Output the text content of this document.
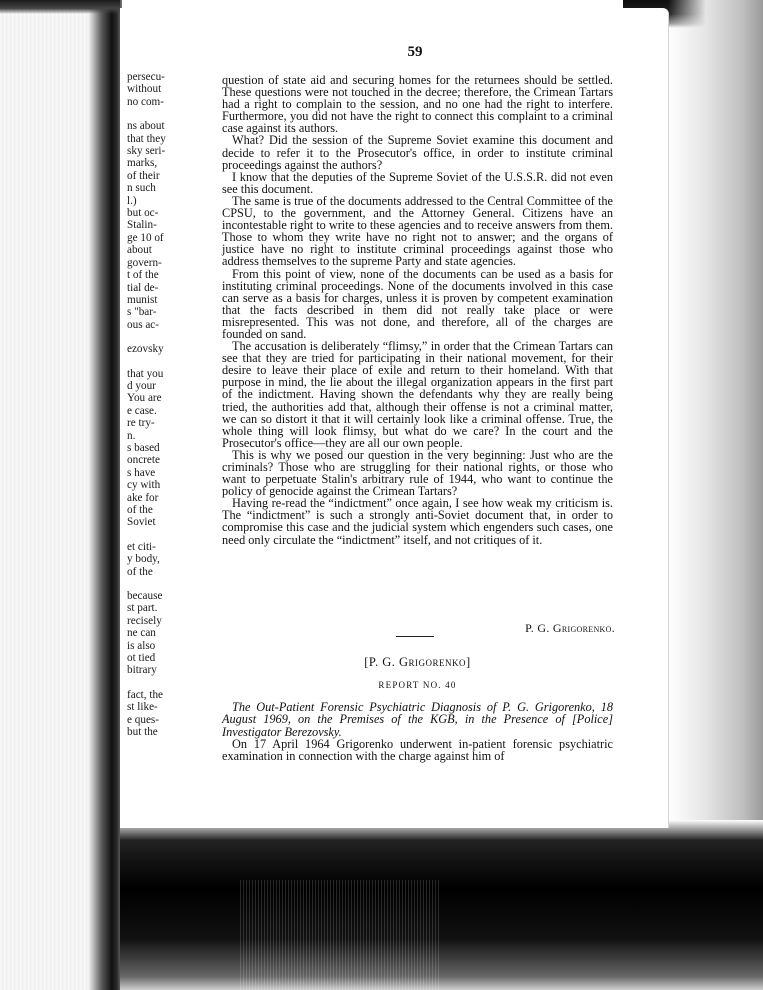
persecu-
without
no com-
ns about
that they
sky seri-
marks,
of their
n such
l.)
but oc-
Stalin-
ge 10 of
about
govern-
t of the
tial de-
munist
s "bar-
ous ac-
ezovsky
that you
d your
You are
e case.
re try-
n.
s based
oncrete
s have
cy with
ake for
of the
Soviet
et citi-
y body,
of the
because
st part.
recisely
ne can
is also
ot tied
bitrary
fact, the
st like-
e ques-
but the
59

question of state aid and securing homes for the returnees should be settled. These questions were not touched in the decree; therefore, the Crimean Tartars had a right to complain to the session, and no one had the right to interfere. Furthermore, you did not have the right to connect this complaint to a criminal case against its authors.

What? Did the session of the Supreme Soviet examine this document and decide to refer it to the Prosecutor's office, in order to institute criminal proceedings against the authors?

I know that the deputies of the Supreme Soviet of the U.S.S.R. did not even see this document.

The same is true of the documents addressed to the Central Committee of the CPSU, to the government, and the Attorney General. Citizens have an incontestable right to write to these agencies and to receive answers from them. Those to whom they write have no right not to answer; and the organs of justice have no right to institute criminal proceedings against those who address themselves to the supreme Party and state agencies.

From this point of view, none of the documents can be used as a basis for instituting criminal proceedings. None of the documents involved in this case can serve as a basis for charges, unless it is proven by competent examination that the facts described in them did not really take place or were misrepresented. This was not done, and therefore, all of the charges are founded on sand.

The accusation is deliberately “flimsy,” in order that the Crimean Tartars can see that they are tried for participating in their national movement, for their desire to leave their place of exile and return to their homeland. With that purpose in mind, the lie about the illegal organization appears in the first part of the indictment. Having shown the defendants why they are really being tried, the authorities add that, although their offense is not a criminal matter, we can so distort it that it will certainly look like a criminal offense. True, the whole thing will look flimsy, but what do we care? In the court and the Prosecutor's office—they are all our own people.

This is why we posed our question in the very beginning: Just who are the criminals? Those who are struggling for their national rights, or those who want to perpetuate Stalin's arbitrary rule of 1944, who want to continue the policy of genocide against the Crimean Tartars?

Having re-read the “indictment” once again, I see how weak my criticism is. The “indictment” is such a strongly anti-Soviet document that, in order to compromise this case and the judicial system which engenders such cases, one need only circulate the “indictment” itself, and not critiques of it.

P. G. Grigorenko.
[P. G. Grigorenko]
REPORT NO. 40
The Out-Patient Forensic Psychiatric Diagnosis of P. G. Grigorenko, 18 August 1969, on the Premises of the KGB, in the Presence of [Police] Investigator Berezovsky.
On 17 April 1964 Grigorenko underwent in-patient forensic psychiatric examination in connection with the charge against him of
